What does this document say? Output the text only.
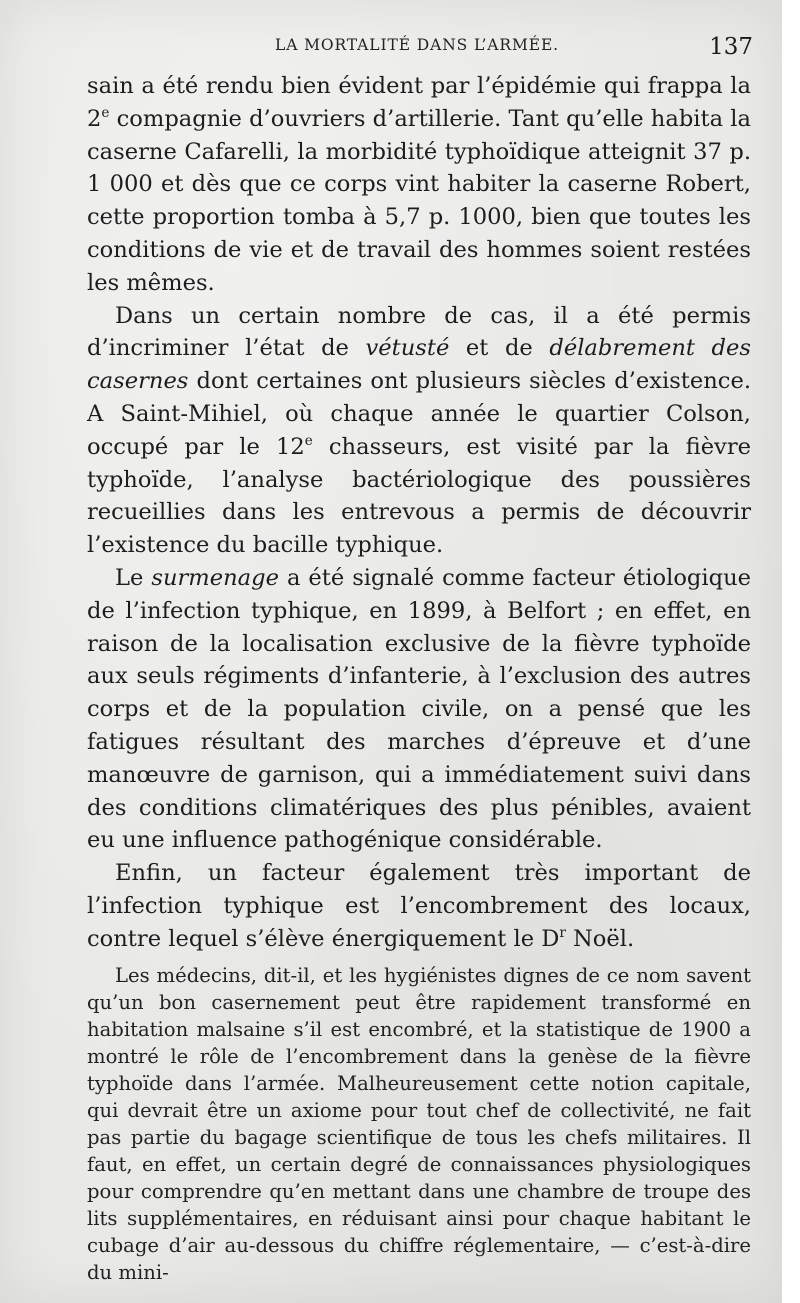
LA MORTALITÉ DANS L’ARMÉE.	137

sain a été rendu bien évident par l’épidémie qui frappa la 2e compagnie d’ouvriers d’artillerie. Tant qu’elle habita la caserne Cafarelli, la morbidité typhoïdique atteignit 37 p. 1 000 et dès que ce corps vint habiter la caserne Robert, cette proportion tomba à 5,7 p. 1000, bien que toutes les conditions de vie et de travail des hommes soient restées les mêmes.

Dans un certain nombre de cas, il a été permis d’incriminer l’état de vétusté et de délabrement des casernes dont certaines ont plusieurs siècles d’existence. A Saint-Mihiel, où chaque année le quartier Colson, occupé par le 12e chasseurs, est visité par la fièvre typhoïde, l’analyse bactériologique des poussières recueillies dans les entrevous a permis de découvrir l’existence du bacille typhique.

Le surmenage a été signalé comme facteur étiologique de l’infection typhique, en 1899, à Belfort ; en effet, en raison de la localisation exclusive de la fièvre typhoïde aux seuls régiments d’infanterie, à l’exclusion des autres corps et de la population civile, on a pensé que les fatigues résultant des marches d’épreuve et d’une manœuvre de garnison, qui a immédiatement suivi dans des conditions climatériques des plus pénibles, avaient eu une influence pathogénique considérable.

Enfin, un facteur également très important de l’infection typhique est l’encombrement des locaux, contre lequel s’élève énergiquement le $D^r$ Noël.

Les médecins, dit-il, et les hygiénistes dignes de ce nom savent qu’un bon casernement peut être rapidement transformé en habitation malsaine s’il est encombré, et la statistique de 1900 a montré le rôle de l’encombrement dans la genèse de la fièvre typhoïde dans l’armée. Malheureusement cette notion capitale, qui devrait être un axiome pour tout chef de collectivité, ne fait pas partie du bagage scientifique de tous les chefs militaires. Il faut, en effet, un certain degré de connaissances physiologiques pour comprendre qu’en mettant dans une chambre de troupe des lits supplémentaires, en réduisant ainsi pour chaque habitant le cubage d’air au-dessous du chiffre réglementaire, — c’est-à-dire du mini-
